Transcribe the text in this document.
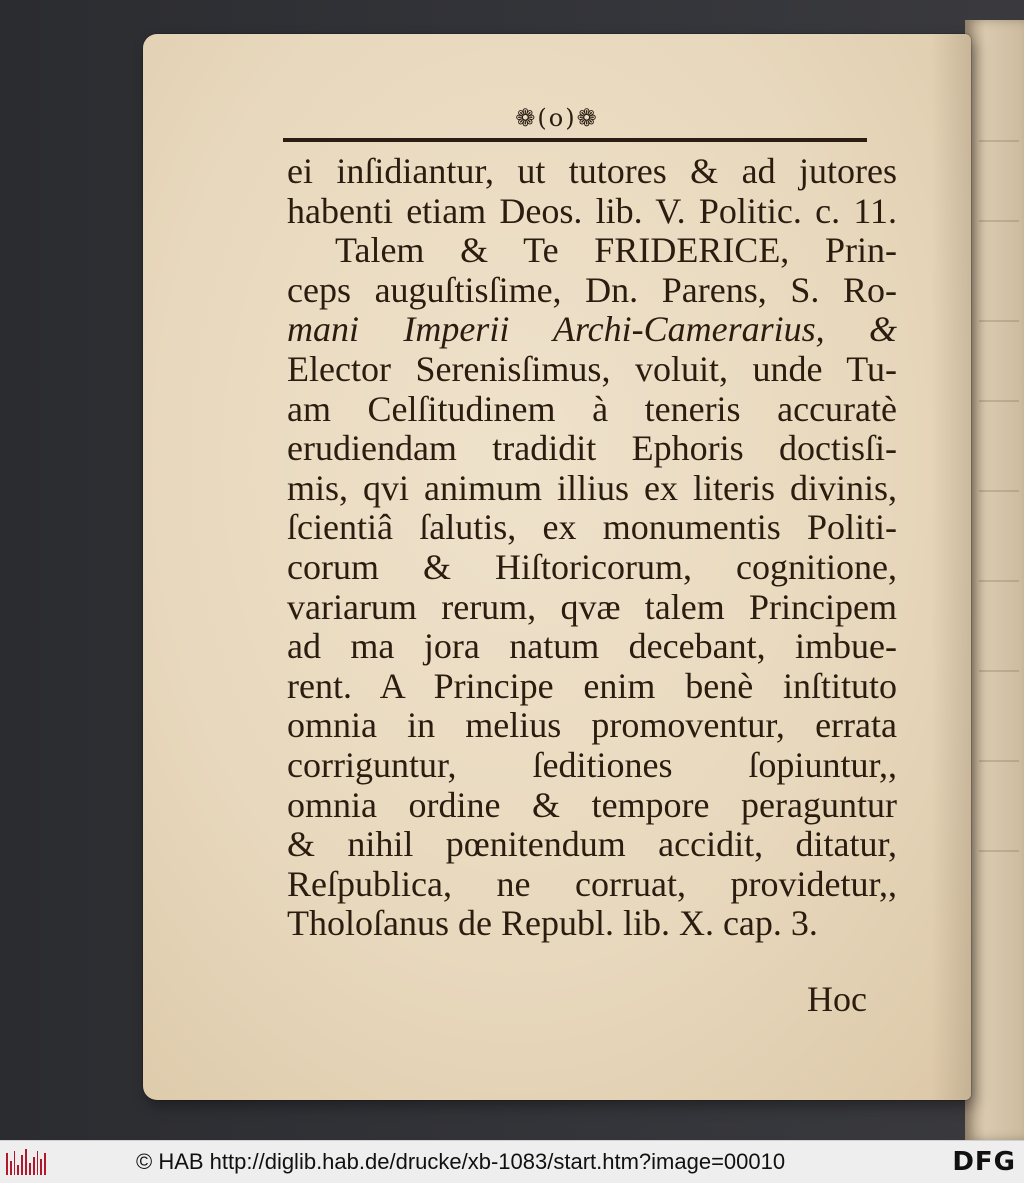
❁(o)❁
ei inſidiantur, ut tutores & ad jutores
habenti etiam Deos. lib. V. Politic. c. 11.
Talem & Te FRIDERICE, Prin-
ceps auguſtisſime, Dn. Parens, S. Ro-
mani Imperii Archi-Camerarius, &
Elector Serenisſimus, voluit, unde Tu-
am Celſitudinem à teneris accuratè
erudiendam tradidit Ephoris doctisſi-
mis, qvi animum illius ex literis divinis,
ſcientiâ ſalutis, ex monumentis Politi-
corum & Hiſtoricorum, cognitione,
variarum rerum, qvæ talem Principem
ad ma jora natum decebant, imbue-
rent. A Principe enim benè inſtituto
omnia in melius promoventur, errata
corriguntur, ſeditiones ſopiuntur,,
omnia ordine & tempore peraguntur
& nihil pœnitendum accidit, ditatur,
Reſpublica, ne corruat, providetur,,
Tholoſanus de Republ. lib. X. cap. 3.
Hoc
© HAB http://diglib.hab.de/drucke/xb-1083/start.htm?image=00010	DFG
